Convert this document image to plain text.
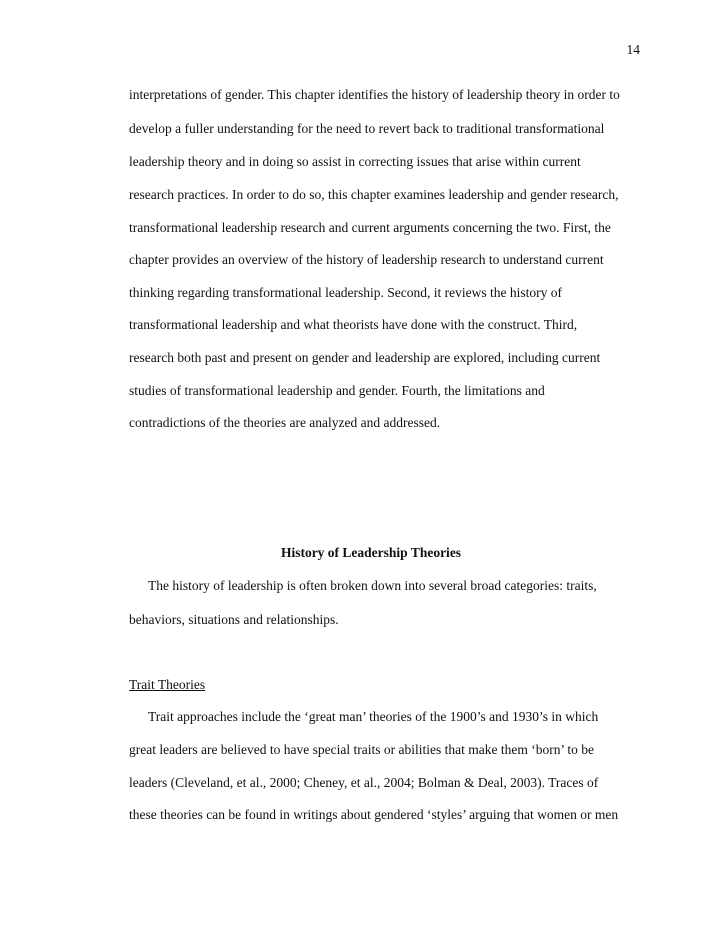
14
interpretations of gender. This chapter identifies the history of leadership theory in order to
develop a fuller understanding for the need to revert back to traditional transformational
leadership theory and in doing so assist in correcting issues that arise within current
research practices. In order to do so, this chapter examines leadership and gender research,
transformational leadership research and current arguments concerning the two. First, the
chapter provides an overview of the history of leadership research to understand current
thinking regarding transformational leadership. Second, it reviews the history of
transformational leadership and what theorists have done with the construct. Third,
research both past and present on gender and leadership are explored, including current
studies of transformational leadership and gender. Fourth, the limitations and
contradictions of the theories are analyzed and addressed.
History of Leadership Theories
The history of leadership is often broken down into several broad categories: traits,
behaviors, situations and relationships.
Trait Theories
Trait approaches include the ‘great man’ theories of the 1900’s and 1930’s in which
great leaders are believed to have special traits or abilities that make them ‘born’ to be
leaders (Cleveland, et al., 2000; Cheney, et al., 2004; Bolman & Deal, 2003). Traces of
these theories can be found in writings about gendered ‘styles’ arguing that women or men
